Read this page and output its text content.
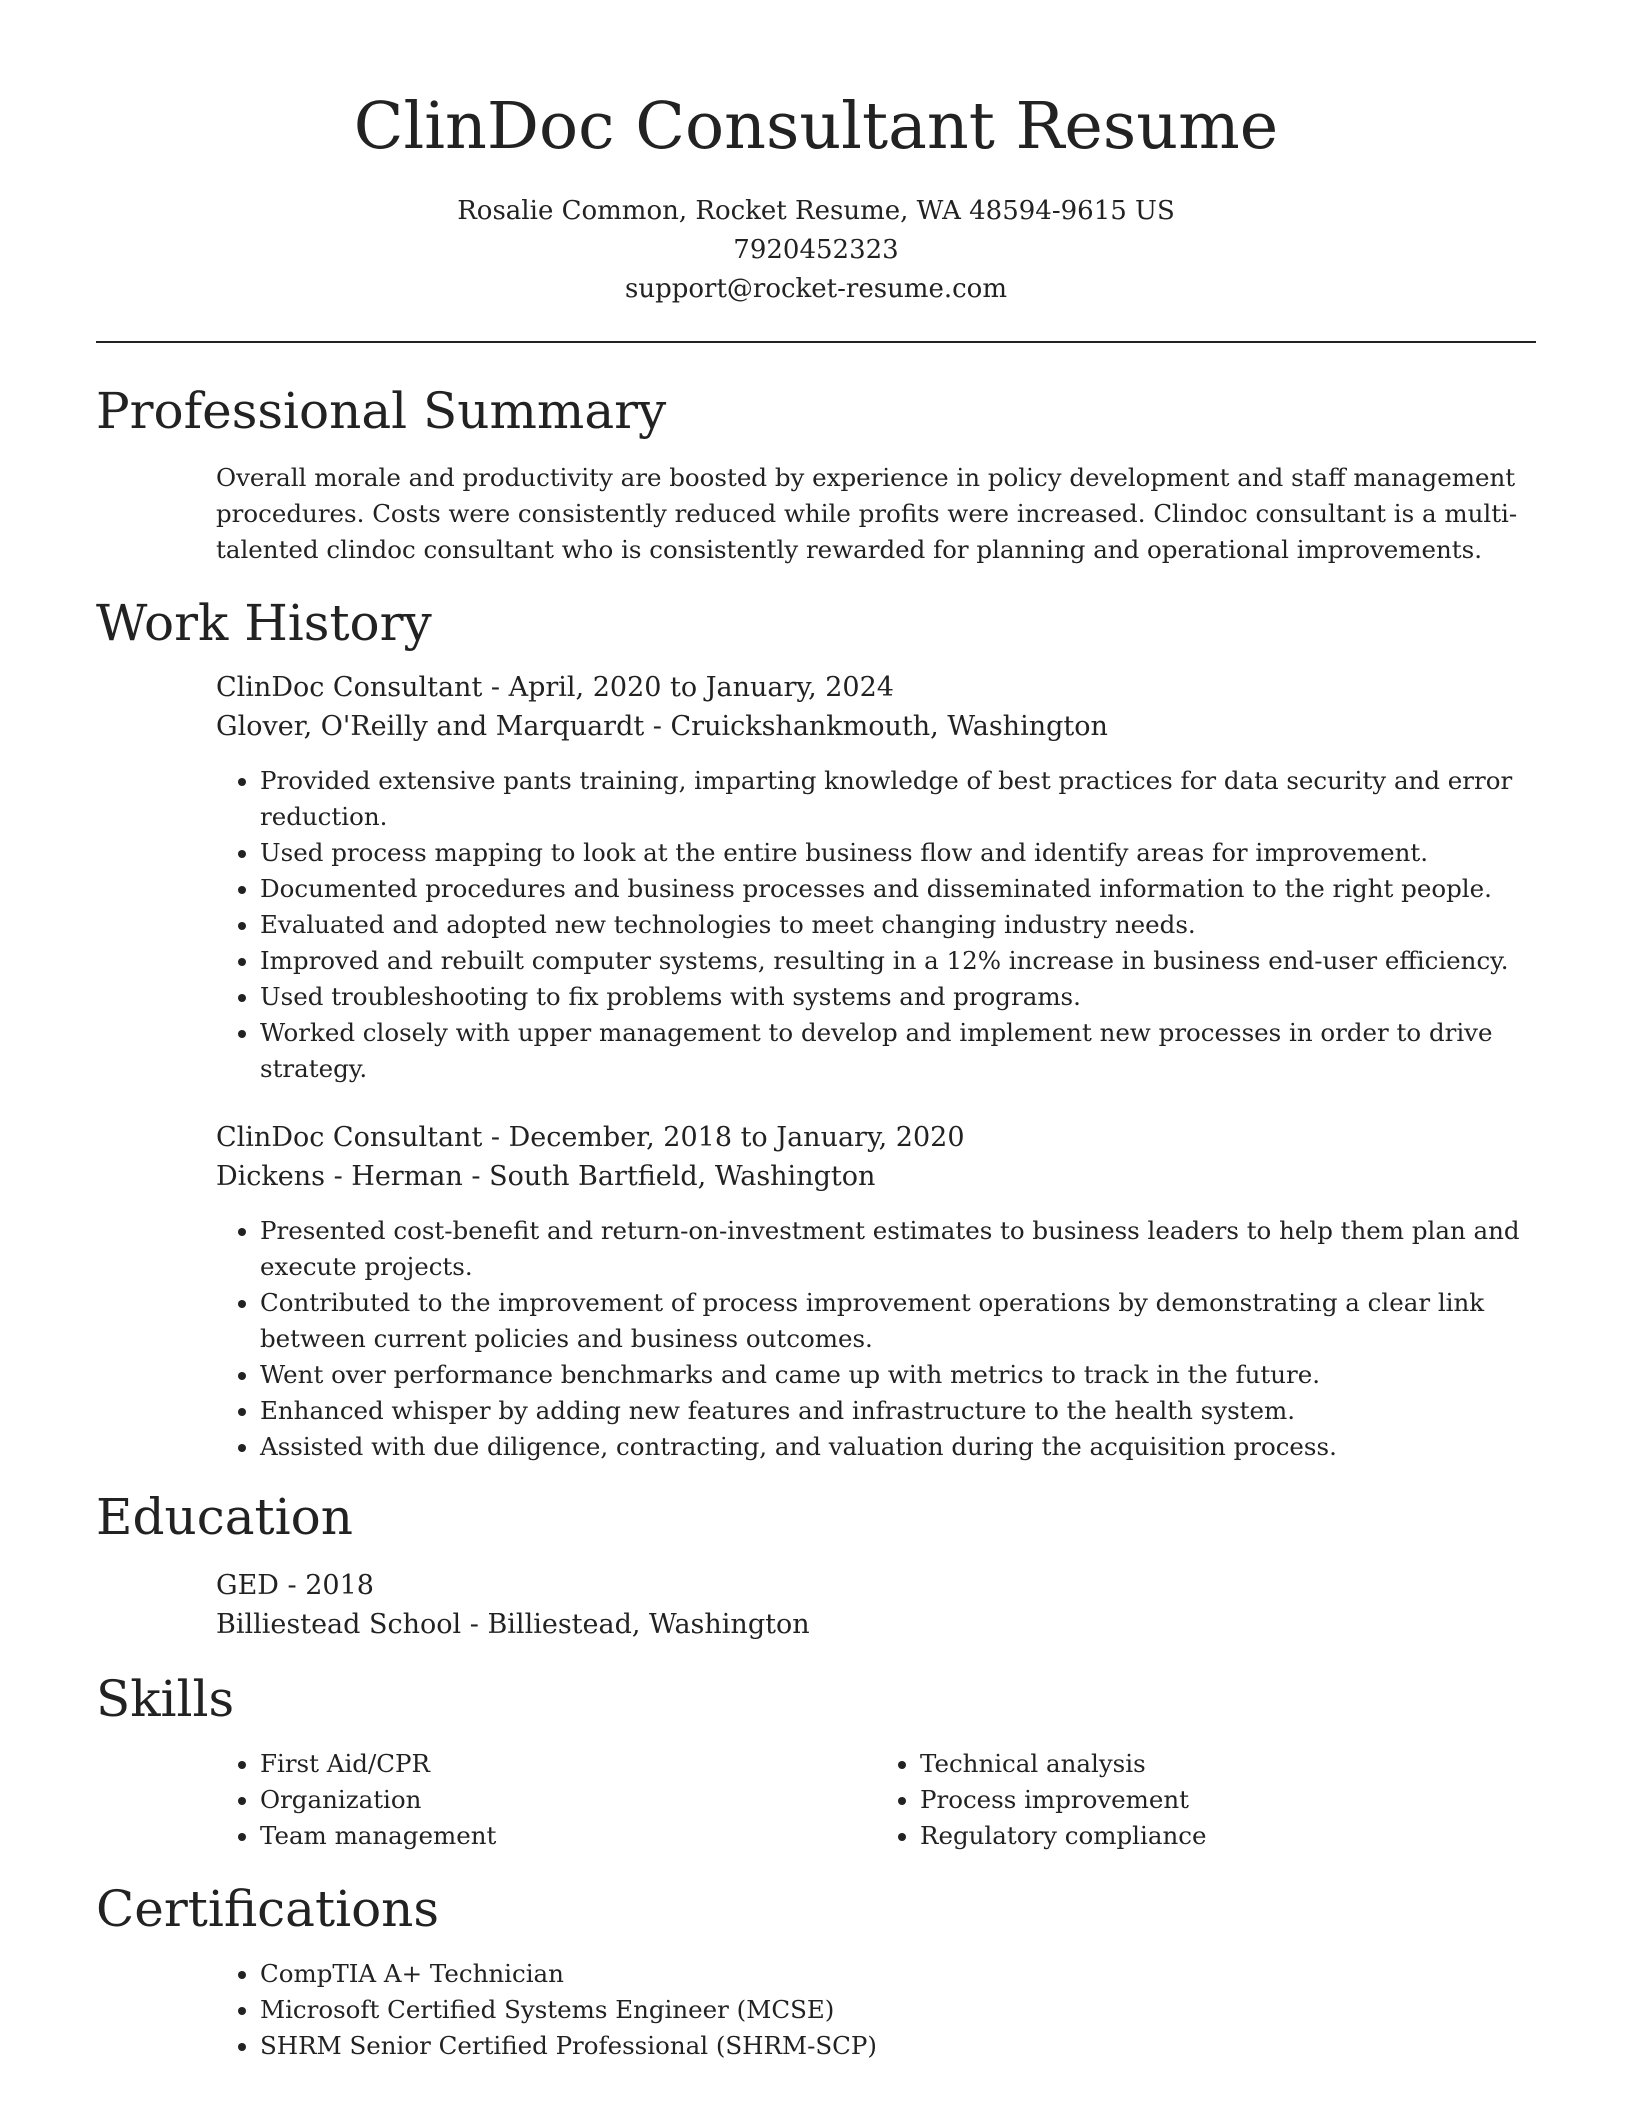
ClinDoc Consultant Resume
Rosalie Common, Rocket Resume, WA 48594-9615 US
7920452323
support@rocket-resume.com
Professional Summary

Overall morale and productivity are boosted by experience in policy development and staff management procedures. Costs were consistently reduced while profits were increased. Clindoc consultant is a multi-talented clindoc consultant who is consistently rewarded for planning and operational improvements.

Work History
ClinDoc Consultant - April, 2020 to January, 2024
Glover, O'Reilly and Marquardt - Cruickshankmouth, Washington
• Provided extensive pants training, imparting knowledge of best practices for data security and error reduction.
• Used process mapping to look at the entire business flow and identify areas for improvement.
• Documented procedures and business processes and disseminated information to the right people.
• Evaluated and adopted new technologies to meet changing industry needs.
• Improved and rebuilt computer systems, resulting in a 12% increase in business end-user efficiency.
• Used troubleshooting to fix problems with systems and programs.
• Worked closely with upper management to develop and implement new processes in order to drive strategy.
ClinDoc Consultant - December, 2018 to January, 2020
Dickens - Herman - South Bartfield, Washington
• Presented cost-benefit and return-on-investment estimates to business leaders to help them plan and execute projects.
• Contributed to the improvement of process improvement operations by demonstrating a clear link between current policies and business outcomes.
• Went over performance benchmarks and came up with metrics to track in the future.
• Enhanced whisper by adding new features and infrastructure to the health system.
• Assisted with due diligence, contracting, and valuation during the acquisition process.
Education
GED - 2018
Billiestead School - Billiestead, Washington
Skills
• First Aid/CPR
• Organization
• Team management
• Technical analysis
• Process improvement
• Regulatory compliance
Certifications
• CompTIA A+ Technician
• Microsoft Certified Systems Engineer (MCSE)
• SHRM Senior Certified Professional (SHRM-SCP)
